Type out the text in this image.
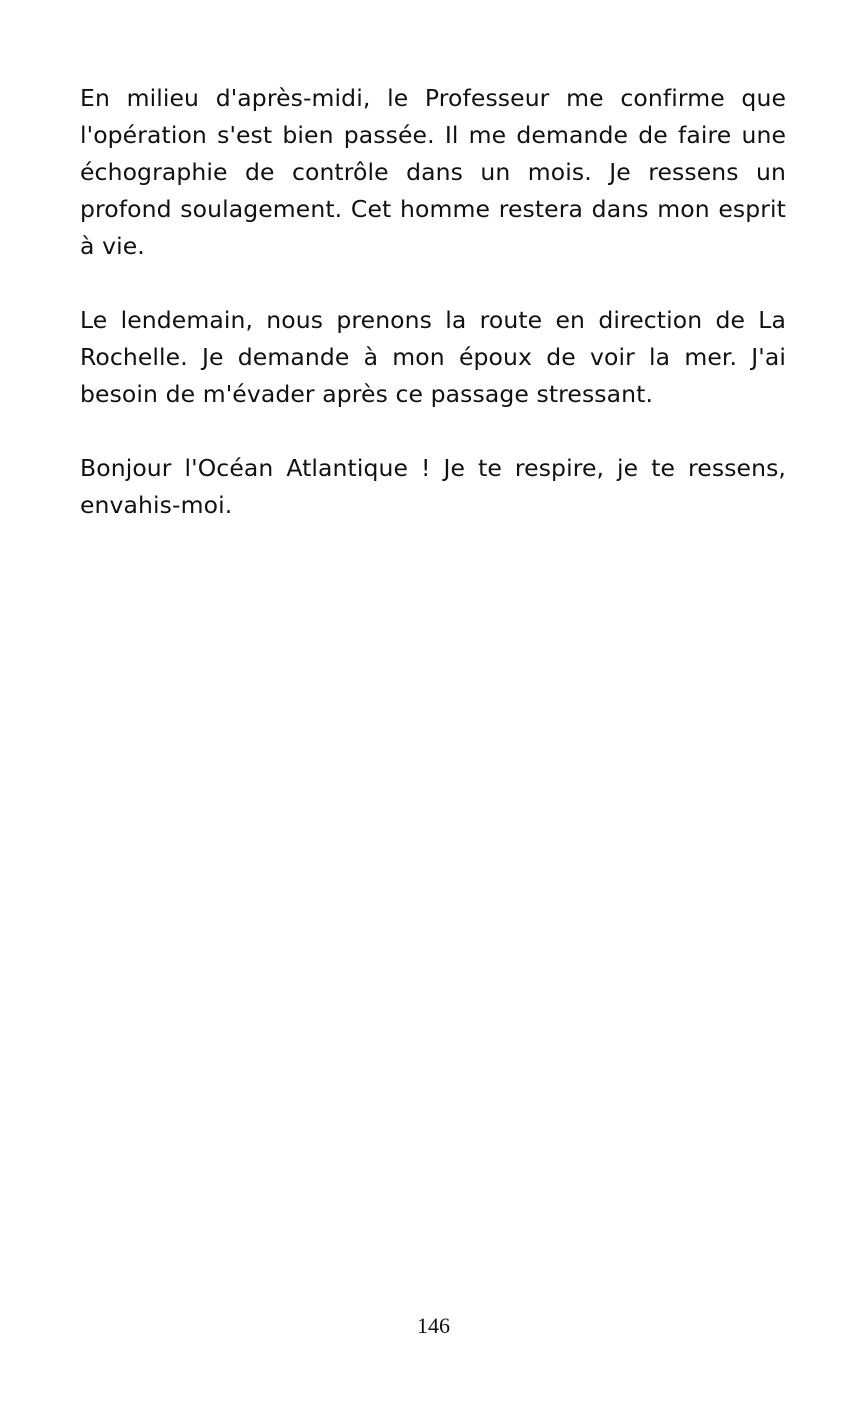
En milieu d'après-midi, le Professeur me confirme que l'opération s'est bien passée. Il me demande de faire une échographie de contrôle dans un mois. Je ressens un profond soulagement. Cet homme restera dans mon esprit à vie.

Le lendemain, nous prenons la route en direction de La Rochelle. Je demande à mon époux de voir la mer. J'ai besoin de m'évader après ce passage stressant.

Bonjour l'Océan Atlantique ! Je te respire, je te ressens, envahis-moi.

146
